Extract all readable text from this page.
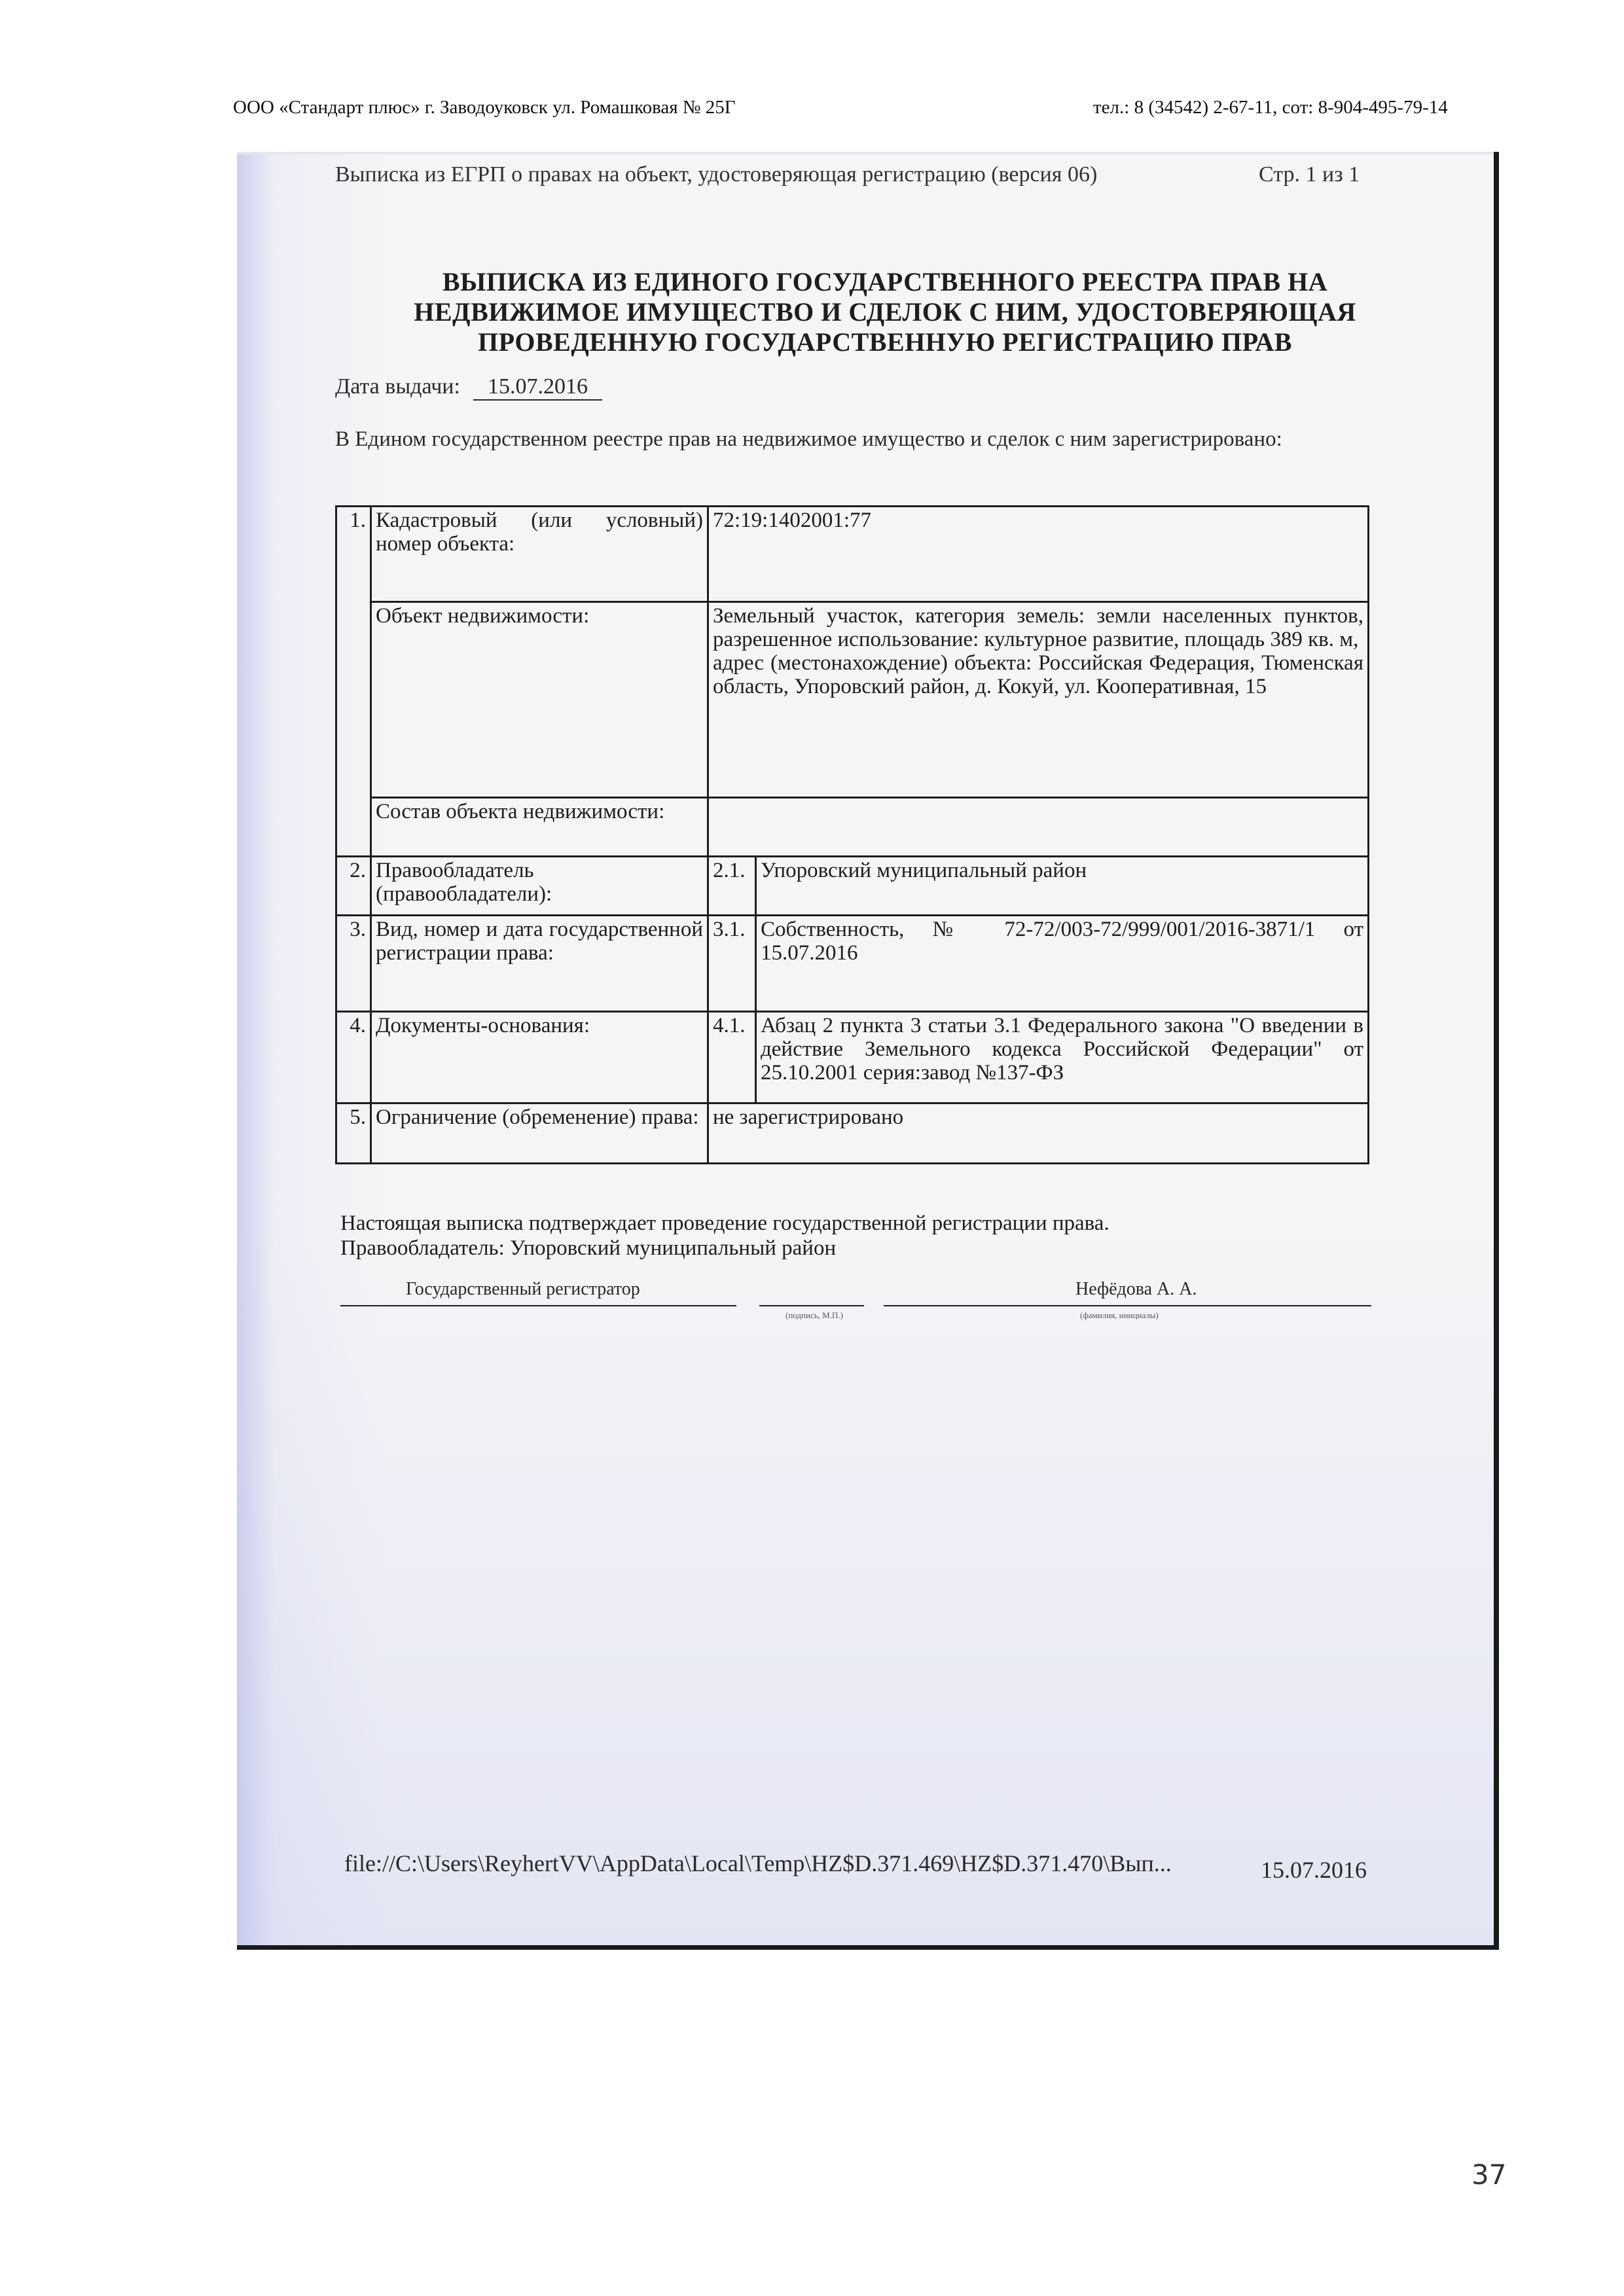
ООО «Стандарт плюс» г. Заводоуковск ул. Ромашковая № 25Г	тел.: 8 (34542) 2-67-11, сот: 8-904-495-79-14
Выписка из ЕГРП о правах на объект, удостоверяющая регистрацию (версия 06)	Стр. 1 из 1
ВЫПИСКА ИЗ ЕДИНОГО ГОСУДАРСТВЕННОГО РЕЕСТРА ПРАВ НА
НЕДВИЖИМОЕ ИМУЩЕСТВО И СДЕЛОК С НИМ, УДОСТОВЕРЯЮЩАЯ
ПРОВЕДЕННУЮ ГОСУДАРСТВЕННУЮ РЕГИСТРАЦИЮ ПРАВ
Дата выдачи: 15.07.2016
В Едином государственном реестре прав на недвижимое имущество и сделок с ним зарегистрировано:
1.	Кадастровый (или условный) номер объекта:	72:19:1402001:77	
	Объект недвижимости:	Земельный участок, категория земель: земли населенных пунктов, разрешенное использование: культурное развитие, площадь 389 кв. м,
адрес (местонахождение) объекта: Российская Федерация, Тюменская область, Упоровский район, д. Кокуй, ул. Кооперативная, 15	

	Состав объекта недвижимости:		
2.	Правообладатель (правообладатели):	2.1.	Упоровский муниципальный район
3.	Вид, номер и дата государственной регистрации права:	3.1.	Собственность, № 72-72/003-72/999/001/2016-3871/1 от 15.07.2016
4.	Документы-основания:	4.1.	Абзац 2 пункта 3 статьи 3.1 Федерального закона "О введении в действие Земельного кодекса Российской Федерации" от 25.10.2001 серия:завод №137-ФЗ
5.	Ограничение (обременение) права:	не зарегистрировано	
Настоящая выписка подтверждает проведение государственной регистрации права.
Правообладатель: Упоровский муниципальный район
Государственный регистратор
(подпись, М.П.)
Нефёдова А. А.
(фамилия, инициалы)
file://C:\Users\ReyhertVV\AppData\Local\Temp\HZ$D.371.469\HZ$D.371.470\Вып...	15.07.2016
37
